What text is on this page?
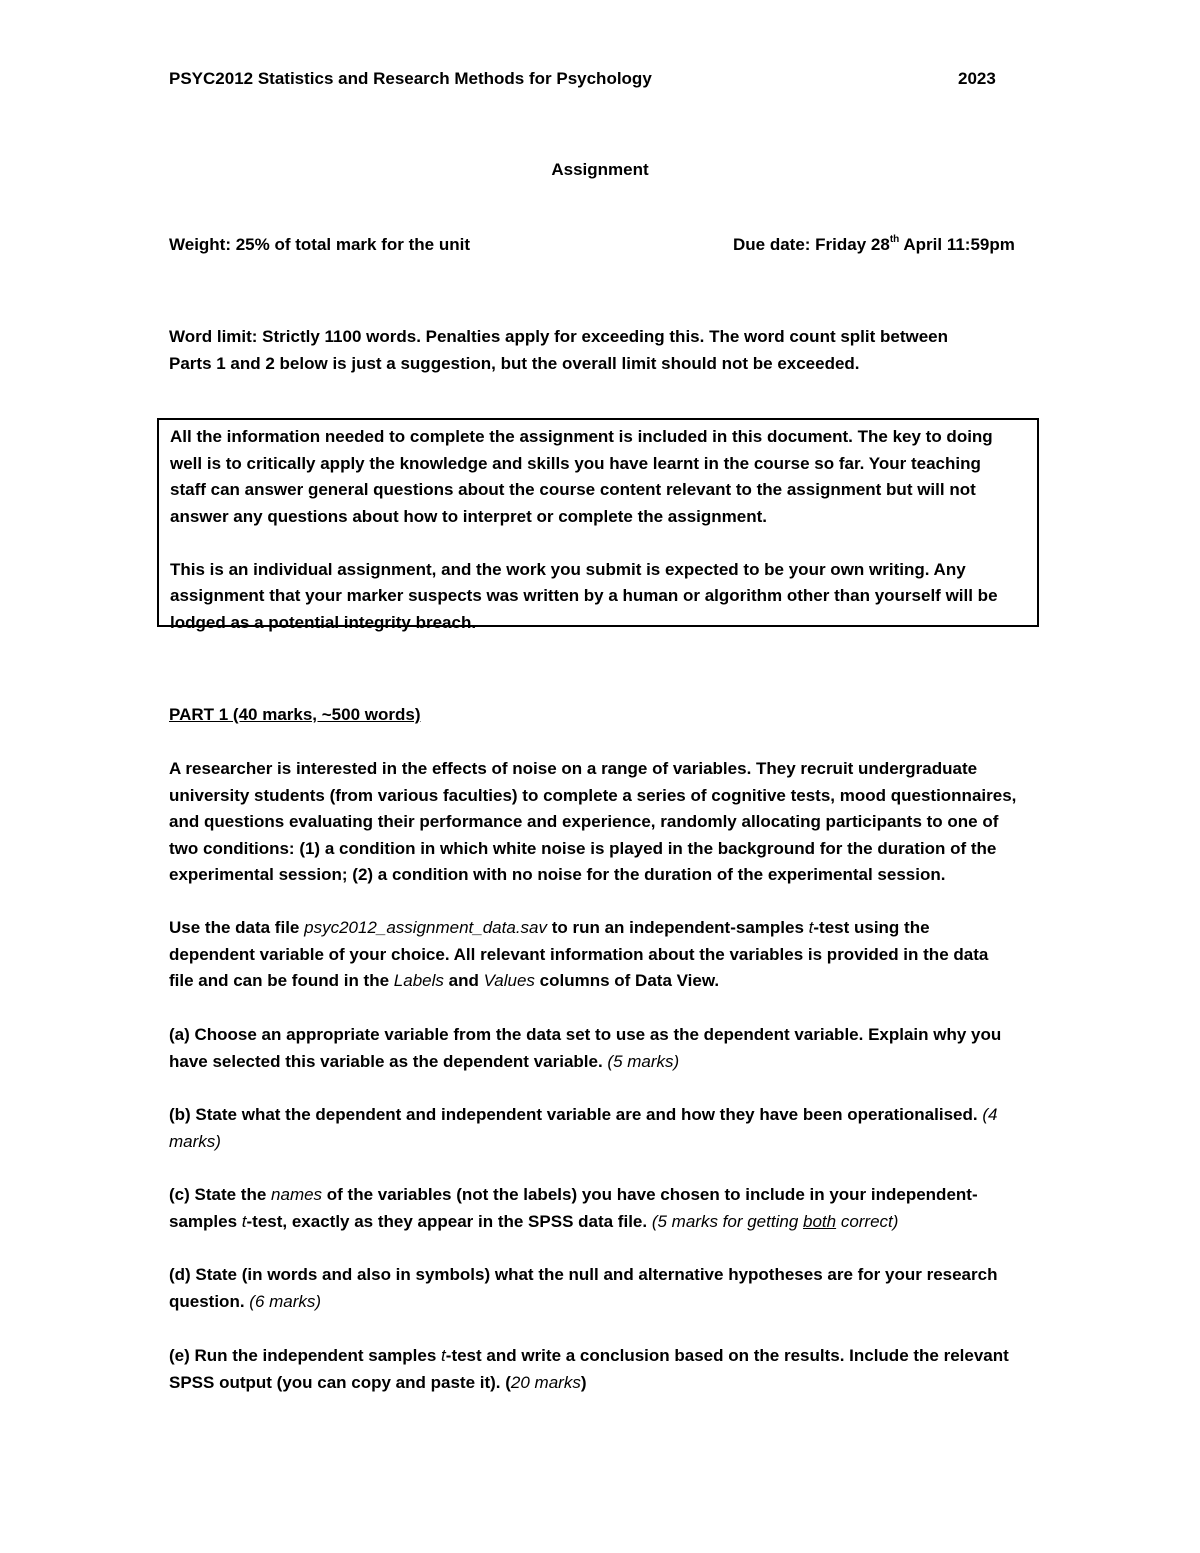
PSYC2012 Statistics and Research Methods for Psychology	2023
Assignment
Weight: 25% of total mark for the unit	Due date: Friday 28th April 11:59pm

Word limit: Strictly 1100 words. Penalties apply for exceeding this. The word count split between

Parts 1 and 2 below is just a suggestion, but the overall limit should not be exceeded.

All the information needed to complete the assignment is included in this document. The key to doing

well is to critically apply the knowledge and skills you have learnt in the course so far. Your teaching

staff can answer general questions about the course content relevant to the assignment but will not

answer any questions about how to interpret or complete the assignment.

This is an individual assignment, and the work you submit is expected to be your own writing. Any

assignment that your marker suspects was written by a human or algorithm other than yourself will be

lodged as a potential integrity breach.

PART 1 (40 marks, ~500 words)

A researcher is interested in the effects of noise on a range of variables. They recruit undergraduate

university students (from various faculties) to complete a series of cognitive tests, mood questionnaires,

and questions evaluating their performance and experience, randomly allocating participants to one of

two conditions: (1) a condition in which white noise is played in the background for the duration of the

experimental session; (2) a condition with no noise for the duration of the experimental session.

Use the data file psyc2012_assignment_data.sav to run an independent-samples t-test using the

dependent variable of your choice. All relevant information about the variables is provided in the data

file and can be found in the Labels and Values columns of Data View.

(a) Choose an appropriate variable from the data set to use as the dependent variable. Explain why you

have selected this variable as the dependent variable. (5 marks)

(b) State what the dependent and independent variable are and how they have been operationalised. (4

marks)

(c) State the names of the variables (not the labels) you have chosen to include in your independent-

samples t-test, exactly as they appear in the SPSS data file. (5 marks for getting both correct)

(d) State (in words and also in symbols) what the null and alternative hypotheses are for your research

question. (6 marks)

(e) Run the independent samples t-test and write a conclusion based on the results. Include the relevant

SPSS output (you can copy and paste it). (20 marks)
